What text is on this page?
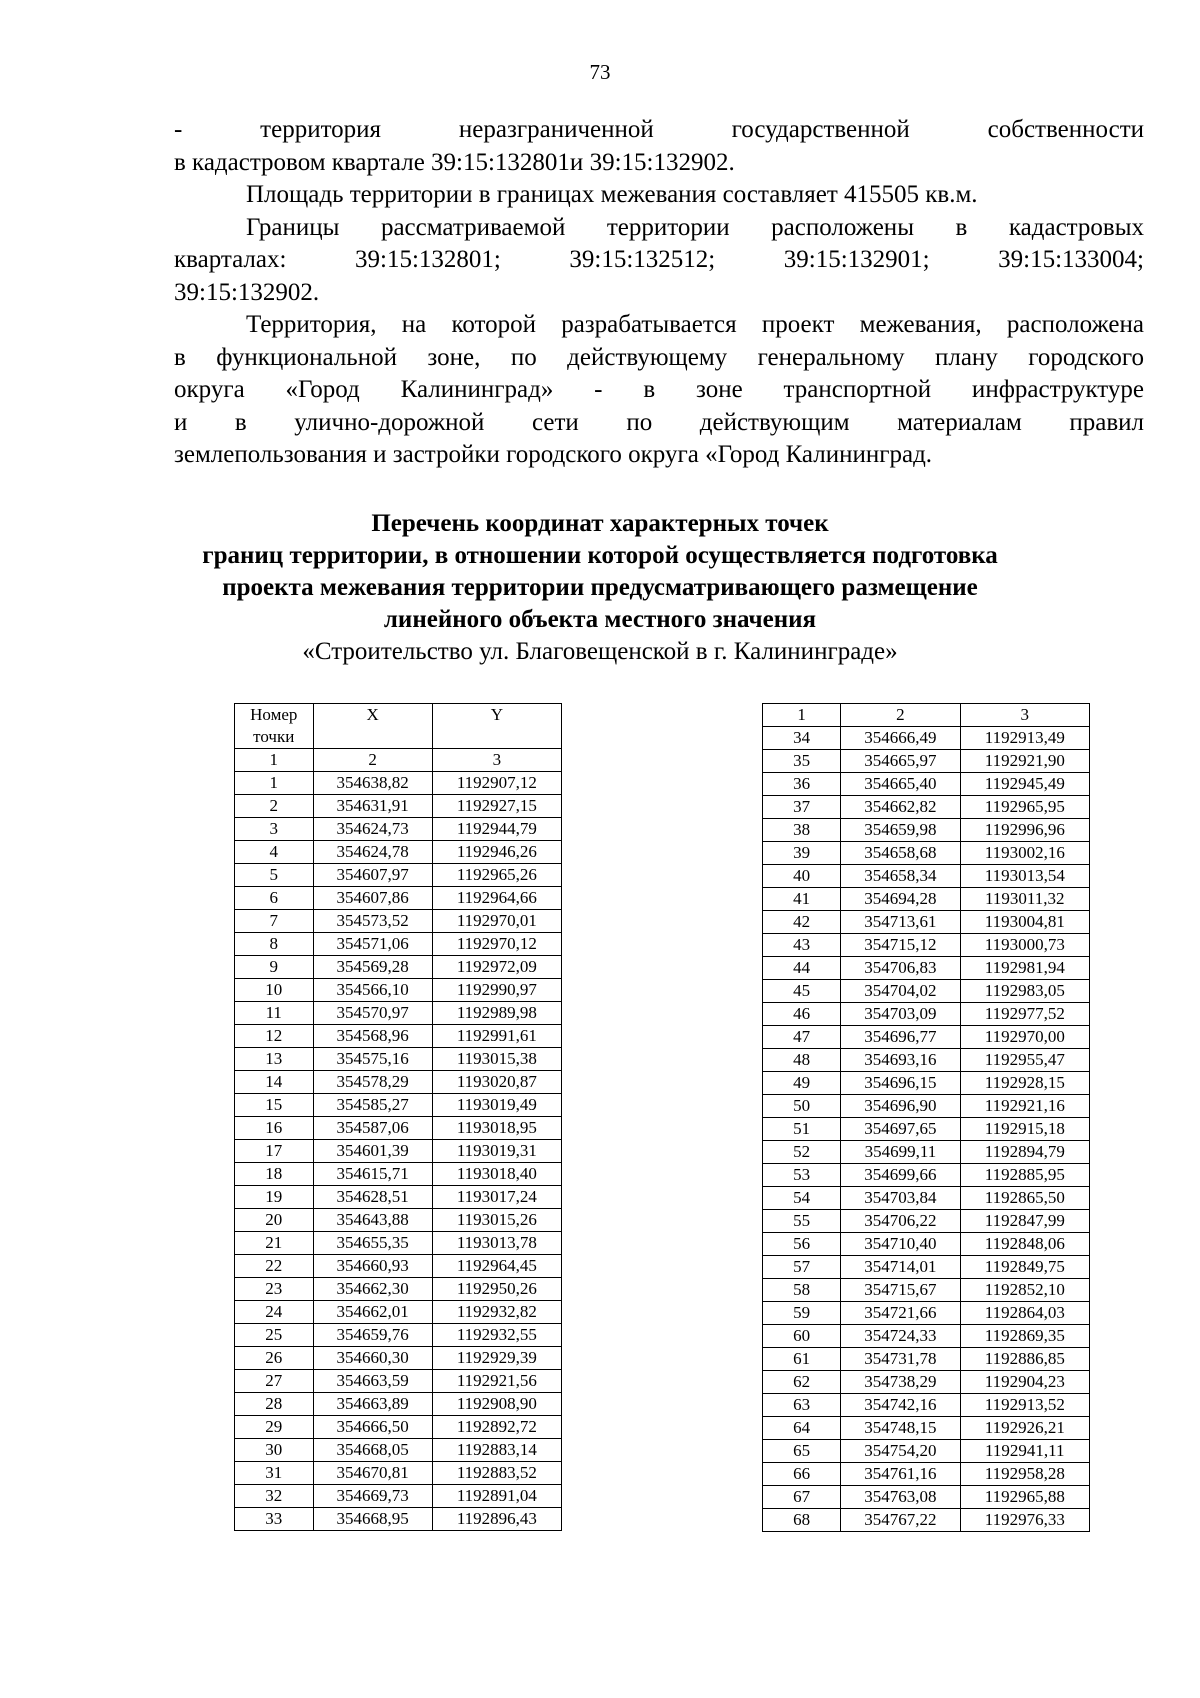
73

-     территория     неразграниченной     государственной     собственности

в кадастровом квартале 39:15:132801и 39:15:132902.

Площадь территории в границах межевания составляет 415505 кв.м.

Границы рассматриваемой территории расположены в кадастровых

кварталах: 39:15:132801; 39:15:132512; 39:15:132901; 39:15:133004;

39:15:132902.

Территория, на которой разрабатывается проект межевания, расположена

в функциональной зоне, по действующему генеральному плану городского

округа «Город Калининград» - в зоне транспортной инфраструктуре

и в улично-дорожной сети по действующим материалам правил

землепользования и застройки городского округа «Город Калининград.

Перечень координат характерных точек

границ территории, в отношении которой осуществляется подготовка

проекта межевания территории предусматривающего размещение

линейного объекта местного значения

«Строительство ул. Благовещенской в г. Калининграде»

Номер точки	X	Y
1	2	3
1	354638,82	1192907,12
2	354631,91	1192927,15
3	354624,73	1192944,79
4	354624,78	1192946,26
5	354607,97	1192965,26
6	354607,86	1192964,66
7	354573,52	1192970,01
8	354571,06	1192970,12
9	354569,28	1192972,09
10	354566,10	1192990,97
11	354570,97	1192989,98
12	354568,96	1192991,61
13	354575,16	1193015,38
14	354578,29	1193020,87
15	354585,27	1193019,49
16	354587,06	1193018,95
17	354601,39	1193019,31
18	354615,71	1193018,40
19	354628,51	1193017,24
20	354643,88	1193015,26
21	354655,35	1193013,78
22	354660,93	1192964,45
23	354662,30	1192950,26
24	354662,01	1192932,82
25	354659,76	1192932,55
26	354660,30	1192929,39
27	354663,59	1192921,56
28	354663,89	1192908,90
29	354666,50	1192892,72
30	354668,05	1192883,14
31	354670,81	1192883,52
32	354669,73	1192891,04
33	354668,95	1192896,43
1	2	3
34	354666,49	1192913,49
35	354665,97	1192921,90
36	354665,40	1192945,49
37	354662,82	1192965,95
38	354659,98	1192996,96
39	354658,68	1193002,16
40	354658,34	1193013,54
41	354694,28	1193011,32
42	354713,61	1193004,81
43	354715,12	1193000,73
44	354706,83	1192981,94
45	354704,02	1192983,05
46	354703,09	1192977,52
47	354696,77	1192970,00
48	354693,16	1192955,47
49	354696,15	1192928,15
50	354696,90	1192921,16
51	354697,65	1192915,18
52	354699,11	1192894,79
53	354699,66	1192885,95
54	354703,84	1192865,50
55	354706,22	1192847,99
56	354710,40	1192848,06
57	354714,01	1192849,75
58	354715,67	1192852,10
59	354721,66	1192864,03
60	354724,33	1192869,35
61	354731,78	1192886,85
62	354738,29	1192904,23
63	354742,16	1192913,52
64	354748,15	1192926,21
65	354754,20	1192941,11
66	354761,16	1192958,28
67	354763,08	1192965,88
68	354767,22	1192976,33
